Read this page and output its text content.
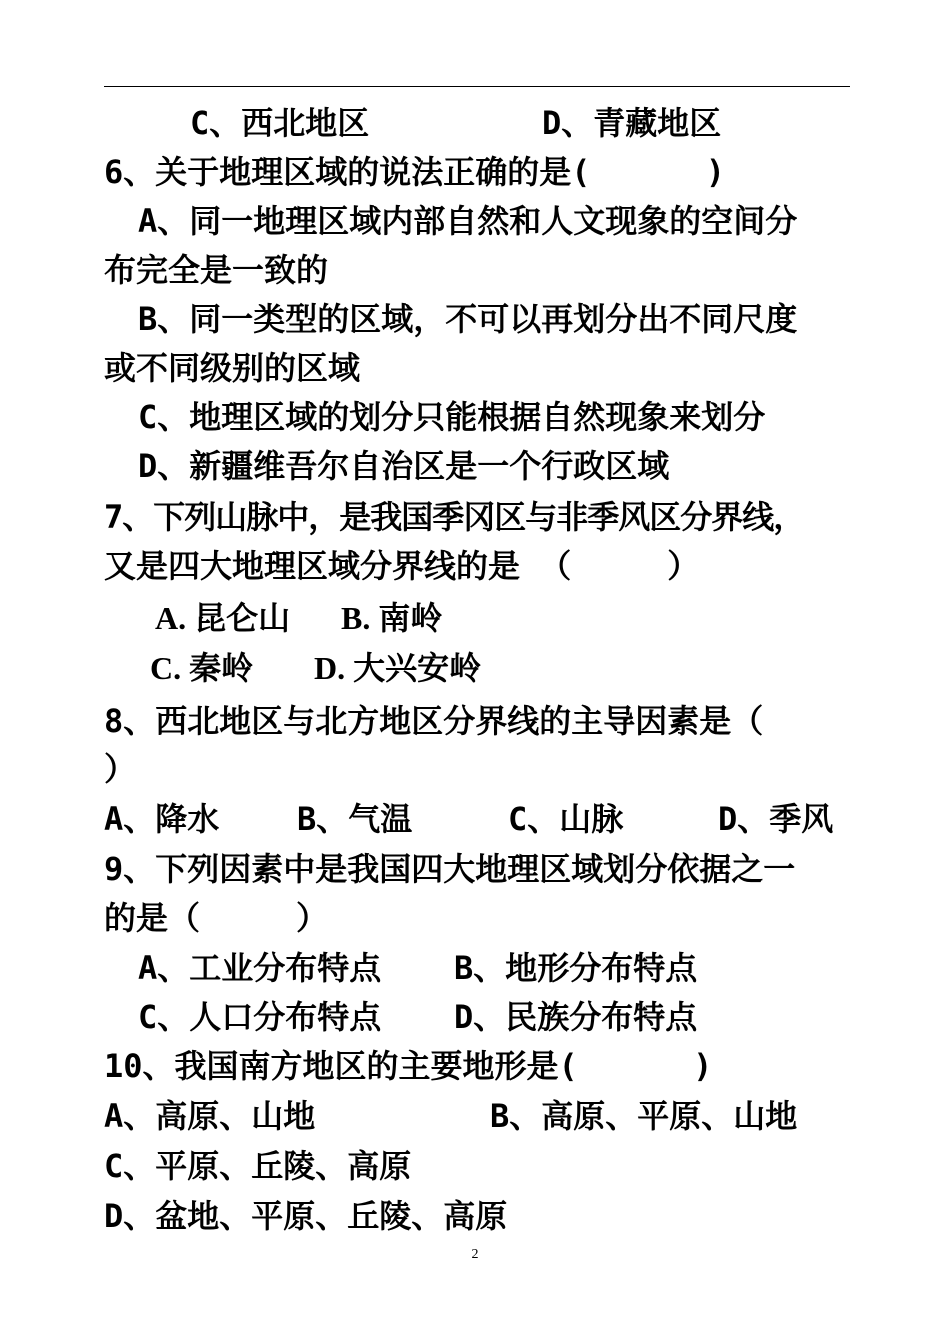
C、西北地区	D、青藏地区
6、关于地理区域的说法正确的是(　　　 )
A、同一地理区域内部自然和人文现象的空间分
布完全是一致的
B、同一类型的区域，不可以再划分出不同尺度
或不同级别的区域
C、地理区域的划分只能根据自然现象来划分
D、新疆维吾尔自治区是一个行政区域
7、下列山脉中，是我国季冈区与非季风区分界线，
又是四大地理区域分界线的是 （　　　）
A. 昆仑山 B. 南岭
C. 秦岭 D. 大兴安岭
8、西北地区与北方地区分界线的主导因素是（
）
A、降水 B、气温	C、山脉	D、季风
9、下列因素中是我国四大地理区域划分依据之一
的是（　　　）
A、工业分布特点 B、地形分布特点
C、人口分布特点 D、民族分布特点
10、我国南方地区的主要地形是(　　　 )
A、高原、山地	B、高原、平原、山地
C、平原、丘陵、高原
D、盆地、平原、丘陵、高原
2
